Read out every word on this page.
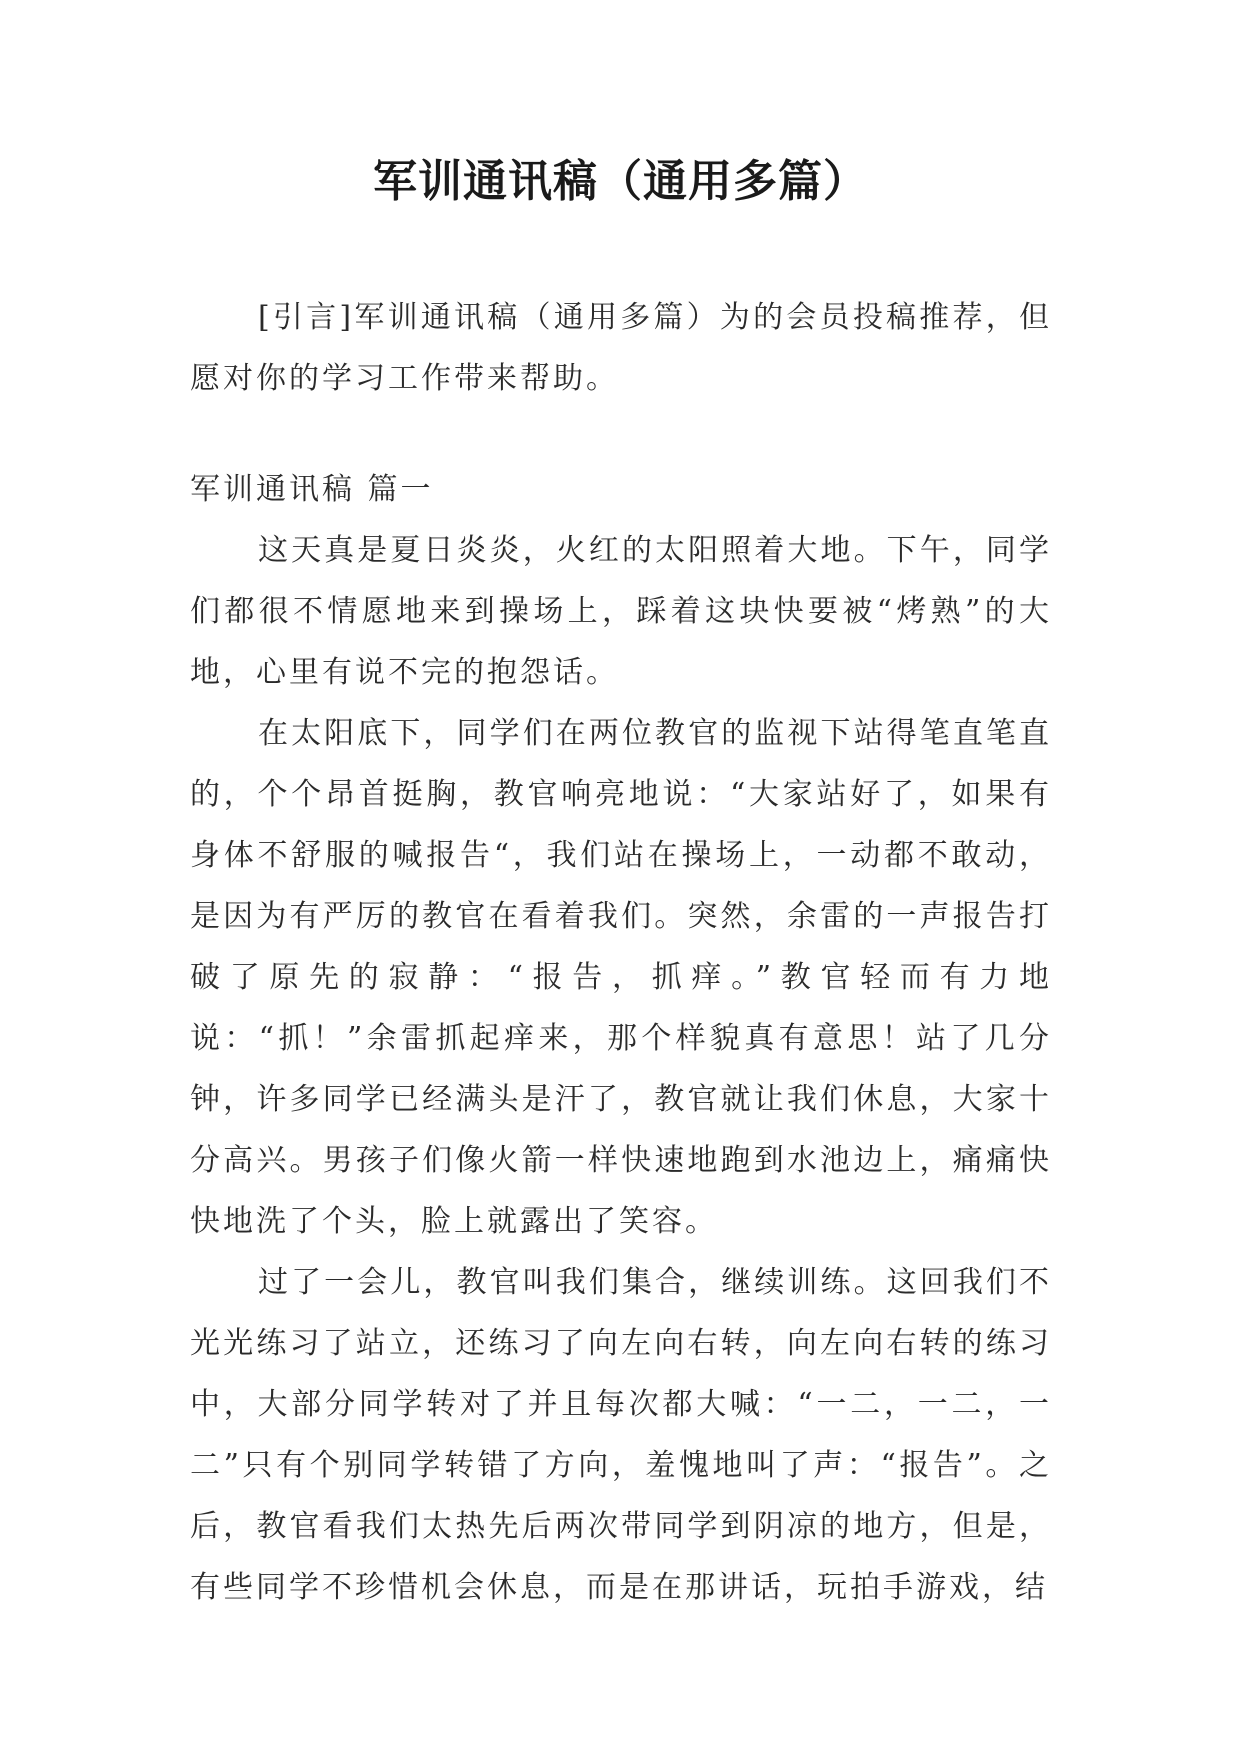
军训通讯稿（通用多篇）

[引言]军训通讯稿（通用多篇）为的会员投稿推荐，但愿对你的学习工作带来帮助。

军训通讯稿 篇一

这天真是夏日炎炎，火红的太阳照着大地。下午，同学们都很不情愿地来到操场上，踩着这块快要被“烤熟”的大地，心里有说不完的抱怨话。

在太阳底下，同学们在两位教官的监视下站得笔直笔直的，个个昂首挺胸，教官响亮地说：“大家站好了，如果有身体不舒服的喊报告“，我们站在操场上，一动都不敢动，是因为有严厉的教官在看着我们。突然，余雷的一声报告打破了原先的寂静：“报告，抓痒。”教官轻而有力地说：“抓！”余雷抓起痒来，那个样貌真有意思！站了几分钟，许多同学已经满头是汗了，教官就让我们休息，大家十分高兴。男孩子们像火箭一样快速地跑到水池边上，痛痛快快地洗了个头，脸上就露出了笑容。

过了一会儿，教官叫我们集合，继续训练。这回我们不光光练习了站立，还练习了向左向右转，向左向右转的练习中，大部分同学转对了并且每次都大喊：“一二，一二，一二”只有个别同学转错了方向，羞愧地叫了声：“报告”。之后，教官看我们太热先后两次带同学到阴凉的地方，但是，有些同学不珍惜机会休息，而是在那讲话，玩拍手游戏，结
